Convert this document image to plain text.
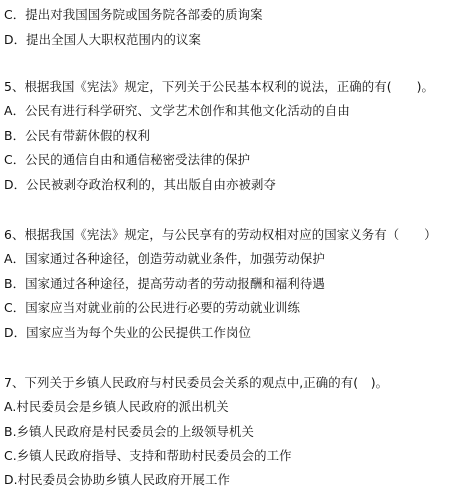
C．提出对我国国务院或国务院各部委的质询案
D．提出全国人大职权范围内的议案
5、根据我国《宪法》规定，下列关于公民基本权利的说法，正确的有(　　)。
A．公民有进行科学研究、文学艺术创作和其他文化活动的自由
B．公民有带薪休假的权利
C．公民的通信自由和通信秘密受法律的保护
D．公民被剥夺政治权利的，其出版自由亦被剥夺
6、根据我国《宪法》规定，与公民享有的劳动权相对应的国家义务有（　　）
A．国家通过各种途径，创造劳动就业条件，加强劳动保护
B．国家通过各种途径，提高劳动者的劳动报酬和福利待遇
C．国家应当对就业前的公民进行必要的劳动就业训练
D．国家应当为每个失业的公民提供工作岗位
7、下列关于乡镇人民政府与村民委员会关系的观点中,正确的有(　)。
A.村民委员会是乡镇人民政府的派出机关
B.乡镇人民政府是村民委员会的上级领导机关
C.乡镇人民政府指导、支持和帮助村民委员会的工作
D.村民委员会协助乡镇人民政府开展工作
